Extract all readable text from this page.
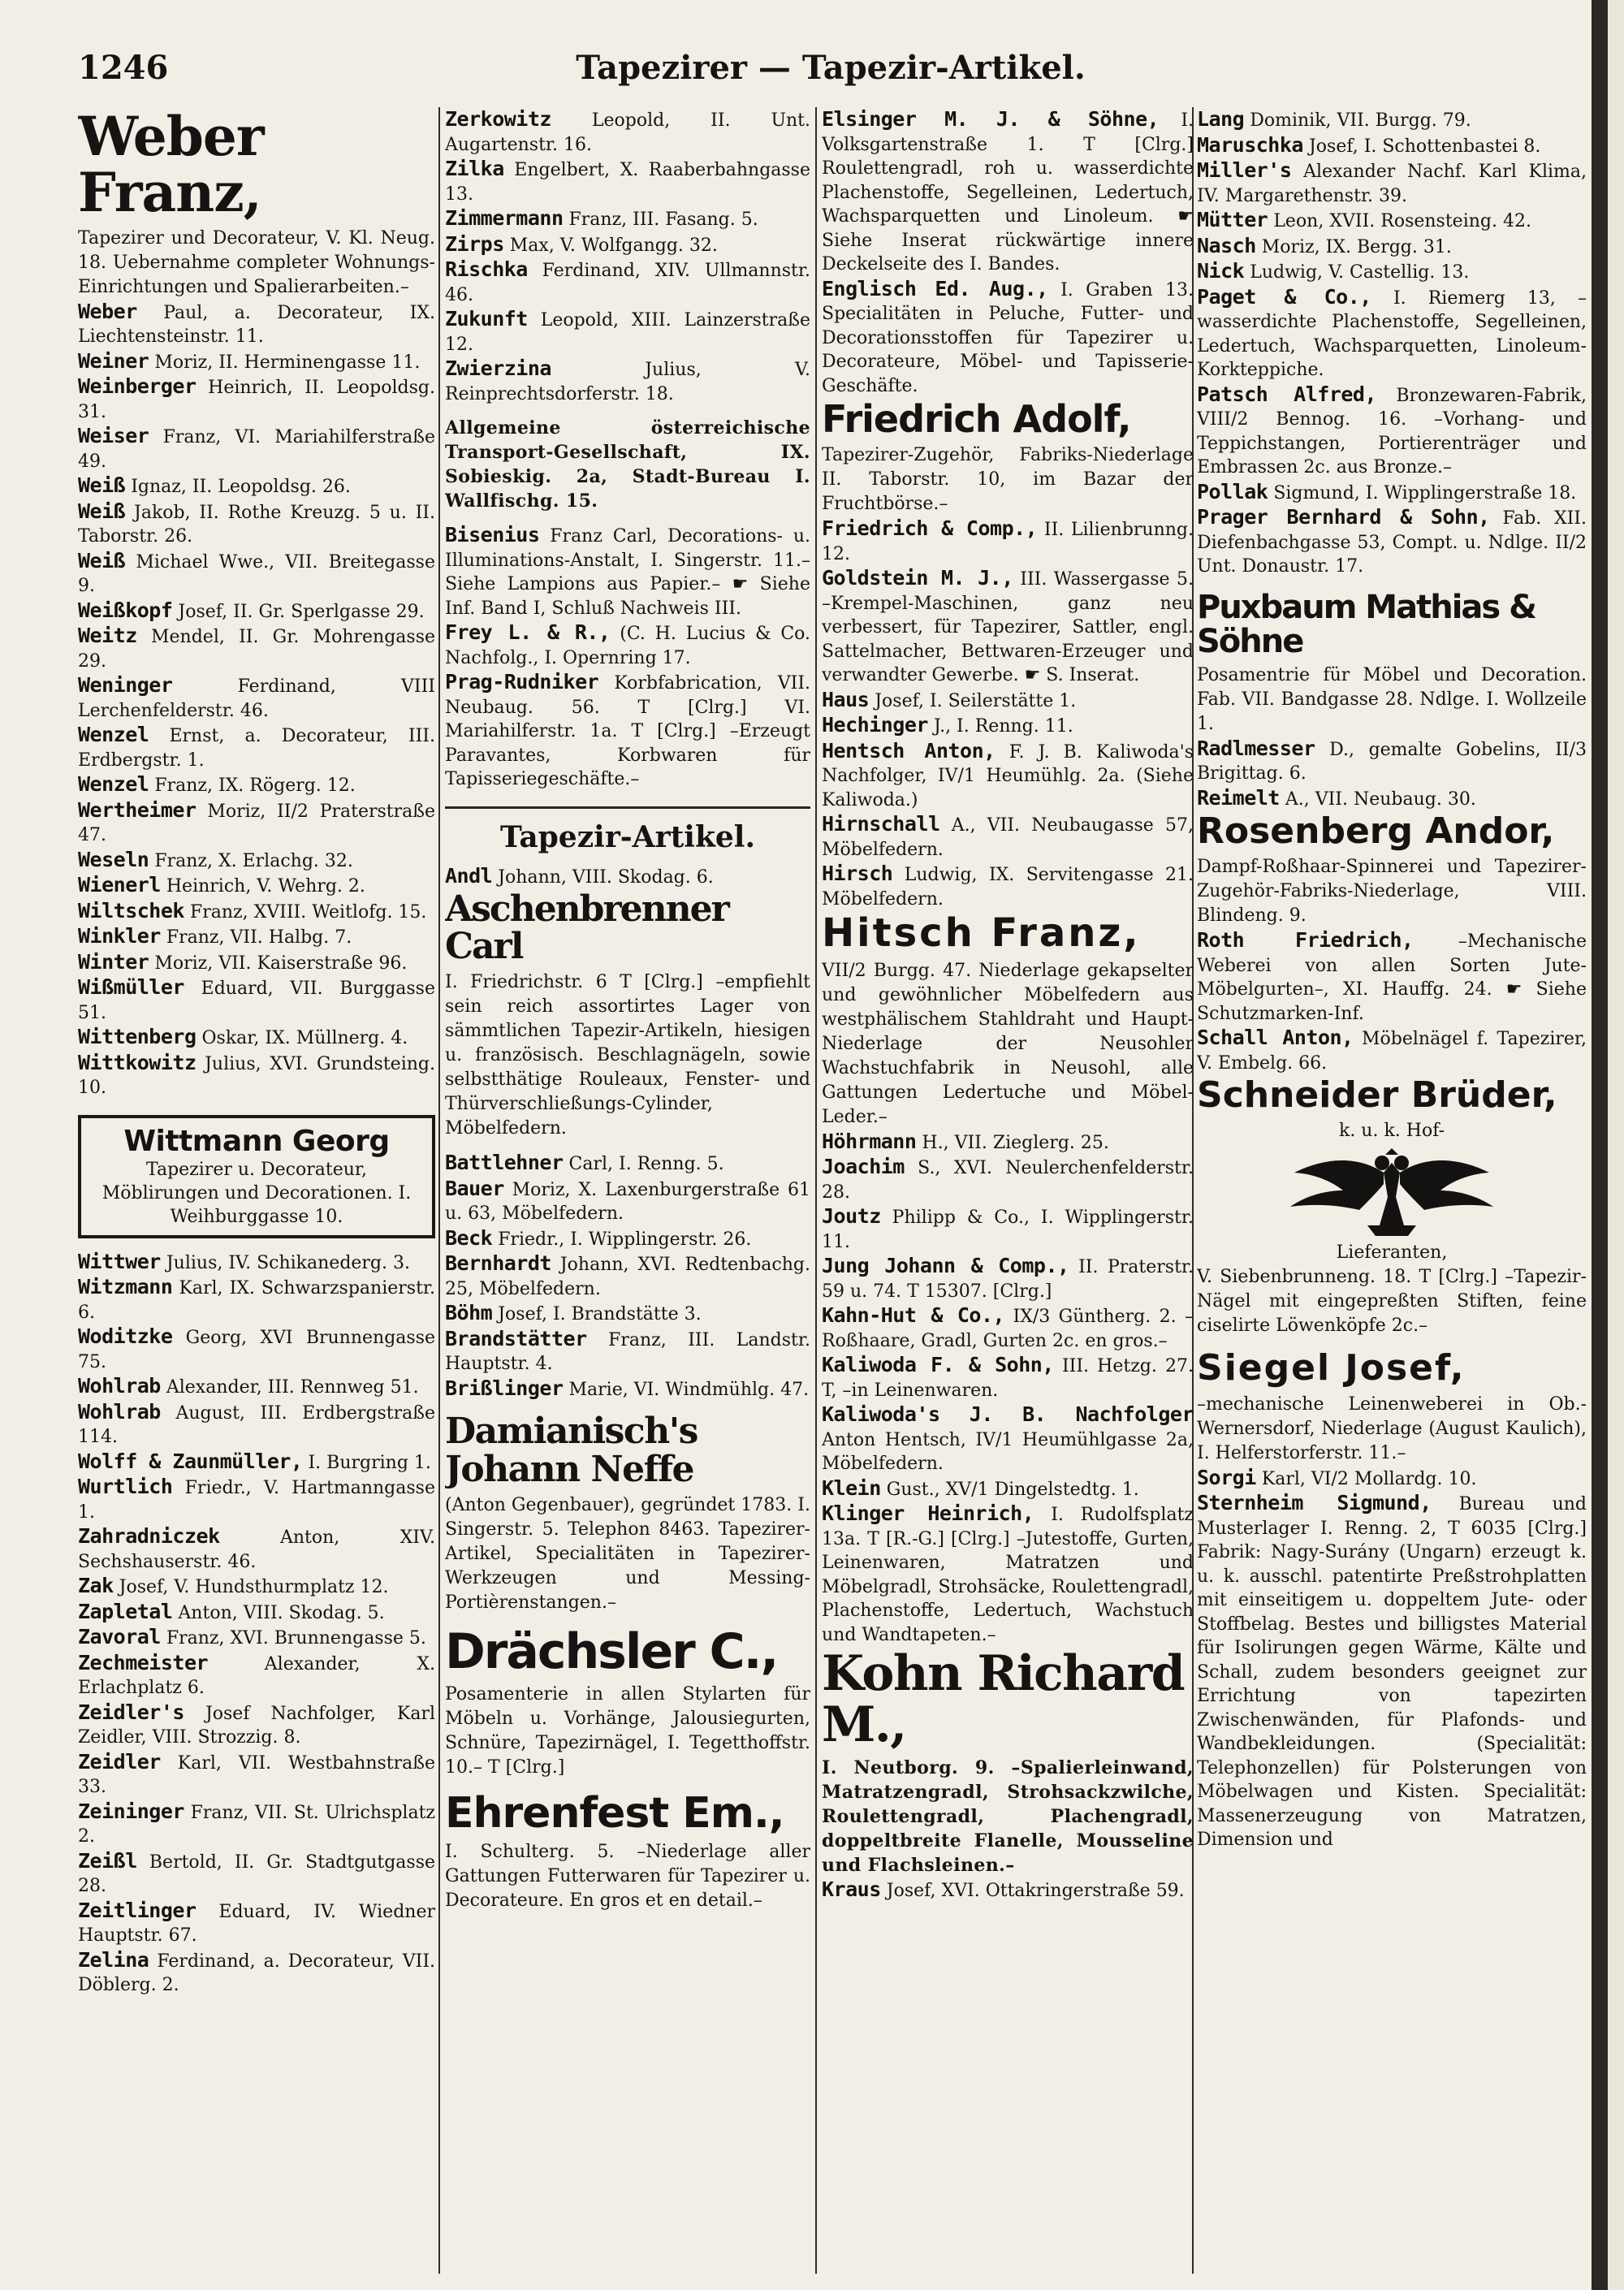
1246	Tapezirer — Tapezir-Artikel.
Weber Franz,

Tapezirer und Decorateur, V. Kl. Neug. 18. Uebernahme completer Wohnungs-Einrichtungen und Spalierarbeiten.–

Weber Paul, a. Decorateur, IX. Liechtensteinstr. 11.

Weiner Moriz, II. Herminengasse 11.

Weinberger Heinrich, II. Leopoldsg. 31.

Weiser Franz, VI. Mariahilferstraße 49.

Weiß Ignaz, II. Leopoldsg. 26.

Weiß Jakob, II. Rothe Kreuzg. 5 u. II. Taborstr. 26.

Weiß Michael Wwe., VII. Breitegasse 9.

Weißkopf Josef, II. Gr. Sperlgasse 29.

Weitz Mendel, II. Gr. Mohrengasse 29.

Weninger	Ferdinand, VIII Lerchenfelderstr. 46.

Wenzel Ernst, a. Decorateur, III. Erdbergstr. 1.

Wenzel Franz, IX. Rögerg. 12.

Wertheimer Moriz, II/2 Praterstraße 47.

Weseln Franz, X. Erlachg. 32.

Wienerl Heinrich, V. Wehrg. 2.

Wiltschek Franz, XVIII. Weitlofg. 15.

Winkler Franz, VII. Halbg. 7.

Winter Moriz, VII. Kaiserstraße 96.

Wißmüller Eduard, VII. Burggasse 51.

Wittenberg Oskar, IX. Müllnerg. 4.

Wittkowitz Julius, XVI. Grundsteing. 10.

Wittmann Georg

Tapezirer u. Decorateur, Möblirungen und Decorationen. I. Weihburggasse 10.

Wittwer Julius, IV. Schikanederg. 3.

Witzmann Karl, IX. Schwarzspanierstr. 6.

Woditzke Georg, XVI Brunnengasse 75.

Wohlrab Alexander, III. Rennweg 51.

Wohlrab August, III. Erdbergstraße 114.

Wolff & Zaunmüller, I. Burgring 1.

Wurtlich Friedr., V. Hartmanngasse 1.

Zahradniczek	Anton, XIV. Sechshauserstr. 46.

Zak Josef, V. Hundsthurmplatz 12.

Zapletal Anton, VIII. Skodag. 5.

Zavoral Franz, XVI. Brunnengasse 5.

Zechmeister	Alexander, X. Erlachplatz 6.

Zeidler's Josef Nachfolger, Karl Zeidler, VIII. Strozzig. 8.

Zeidler Karl, VII. Westbahnstraße 33.

Zeininger Franz, VII. St. Ulrichsplatz 2.

Zeißl Bertold, II. Gr. Stadtgutgasse 28.

Zeitlinger Eduard, IV. Wiedner Hauptstr. 67.

Zelina Ferdinand, a. Decorateur, VII. Döblerg. 2.

Zerkowitz Leopold, II. Unt. Augartenstr. 16.

Zilka Engelbert, X. Raaberbahngasse 13.

Zimmermann Franz, III. Fasang. 5.

Zirps Max, V. Wolfgangg. 32.

Rischka Ferdinand, XIV. Ullmannstr. 46.

Zukunft Leopold, XIII. Lainzerstraße 12.

Zwierzina	Julius, V. Reinprechtsdorferstr. 18.

Allgemeine österreichische Transport-Gesellschaft, IX. Sobieskig. 2a, Stadt-Bureau I. Wallfischg. 15.

Bisenius Franz Carl, Decorations- u. Illuminations-Anstalt, I. Singerstr. 11.– Siehe Lampions aus Papier.– ☛ Siehe Inf. Band I, Schluß Nachweis III.

Frey L. & R., (C. H. Lucius & Co. Nachfolg., I. Opernring 17.

Prag-Rudniker Korbfabrication, VII. Neubaug. 56. T [Clrg.] VI. Mariahilferstr. 1a. T [Clrg.] –Erzeugt Paravantes, Korbwaren für Tapisseriegeschäfte.–

Tapezir-Artikel.

Andl Johann, VIII. Skodag. 6.

Aschenbrenner Carl

I. Friedrichstr. 6 T [Clrg.] –empfiehlt sein reich assortirtes Lager von sämmtlichen Tapezir-Artikeln, hiesigen u. französisch. Beschlagnägeln, sowie selbstthätige Rouleaux, Fenster- und Thürverschließungs-Cylinder, Möbelfedern.

Battlehner Carl, I. Renng. 5.

Bauer Moriz, X. Laxenburgerstraße 61 u. 63, Möbelfedern.

Beck Friedr., I. Wipplingerstr. 26.

Bernhardt Johann, XVI. Redtenbachg. 25, Möbelfedern.

Böhm Josef, I. Brandstätte 3.

Brandstätter Franz, III. Landstr. Hauptstr. 4.

Brißlinger Marie, VI. Windmühlg. 47.

Damianisch's Johann Neffe

(Anton Gegenbauer), gegründet 1783. I. Singerstr. 5. Telephon 8463. Tapezirer-Artikel, Specialitäten in Tapezirer-Werkzeugen und Messing-Portièrenstangen.–

Drächsler C.,

Posamenterie in allen Stylarten für Möbeln u. Vorhänge, Jalousiegurten, Schnüre, Tapezirnägel, I. Tegetthoffstr. 10.– T [Clrg.]

Ehrenfest Em.,

I. Schulterg. 5. –Niederlage aller Gattungen Futterwaren für Tapezirer u. Decorateure. En gros et en detail.–

Elsinger M. J. & Söhne, I. Volksgartenstraße 1. T [Clrg.] Roulettengradl, roh u. wasserdichte Plachenstoffe, Segelleinen, Ledertuch, Wachsparquetten und Linoleum. ☛ Siehe Inserat rückwärtige innere Deckelseite des I. Bandes.

Englisch Ed. Aug., I. Graben 13. Specialitäten in Peluche, Futter- und Decorationsstoffen für Tapezirer u. Decorateure, Möbel- und Tapisserie-Geschäfte.

Friedrich Adolf,

Tapezirer-Zugehör, Fabriks-Niederlage II. Taborstr. 10, im Bazar der Fruchtbörse.–

Friedrich & Comp., II. Lilienbrunng. 12.

Goldstein M. J., III. Wassergasse 5. –Krempel-Maschinen, ganz neu verbessert, für Tapezirer, Sattler, engl. Sattelmacher, Bettwaren-Erzeuger und verwandter Gewerbe. ☛ S. Inserat.

Haus Josef, I. Seilerstätte 1.

Hechinger J., I. Renng. 11.

Hentsch Anton, F. J. B. Kaliwoda's Nachfolger, IV/1 Heumühlg. 2a. (Siehe Kaliwoda.)

Hirnschall A., VII. Neubaugasse 57, Möbelfedern.

Hirsch Ludwig, IX. Servitengasse 21. Möbelfedern.

Hitsch Franz,

VII/2 Burgg. 47. Niederlage gekapselter und gewöhnlicher Möbelfedern aus westphälischem Stahldraht und Haupt-Niederlage der Neusohler Wachstuchfabrik in Neusohl, alle Gattungen Ledertuche und Möbel-Leder.–

Höhrmann H., VII. Zieglerg. 25.

Joachim S., XVI. Neulerchenfelderstr. 28.

Joutz Philipp & Co., I. Wipplingerstr. 11.

Jung Johann & Comp., II. Praterstr. 59 u. 74. T 15307. [Clrg.]

Kahn-Hut & Co., IX/3 Güntherg. 2. –Roßhaare, Gradl, Gurten 2c. en gros.–

Kaliwoda F. & Sohn, III. Hetzg. 27. T, –in Leinenwaren.

Kaliwoda's J. B. Nachfolger Anton Hentsch, IV/1 Heumühlgasse 2a, Möbelfedern.

Klein Gust., XV/1 Dingelstedtg. 1.

Klinger Heinrich, I. Rudolfsplatz 13a. T [R.-G.] [Clrg.] –Jutestoffe, Gurten, Leinenwaren, Matratzen und Möbelgradl, Strohsäcke, Roulettengradl, Plachenstoffe, Ledertuch, Wachstuch und Wandtapeten.–

Kohn Richard M.,

I. Neutborg. 9. –Spalierleinwand, Matratzengradl, Strohsackzwilche, Roulettengradl, Plachengradl, doppeltbreite Flanelle, Mousseline und Flachsleinen.–

Kraus Josef, XVI. Ottakringerstraße 59.

Lang Dominik, VII. Burgg. 79.

Maruschka Josef, I. Schottenbastei 8.

Miller's Alexander Nachf. Karl Klima, IV. Margarethenstr. 39.

Mütter Leon, XVII. Rosensteing. 42.

Nasch Moriz, IX. Bergg. 31.

Nick Ludwig, V. Castellig. 13.

Paget & Co., I. Riemerg 13, –wasserdichte Plachenstoffe, Segelleinen, Ledertuch, Wachsparquetten, Linoleum-Korkteppiche.

Patsch Alfred, Bronzewaren-Fabrik, VIII/2 Bennog. 16. –Vorhang- und Teppichstangen, Portierenträger und Embrassen 2c. aus Bronze.–

Pollak Sigmund, I. Wipplingerstraße 18.

Prager Bernhard & Sohn, Fab. XII. Diefenbachgasse 53, Compt. u. Ndlge. II/2 Unt. Donaustr. 17.

Puxbaum Mathias & Söhne

Posamentrie für Möbel und Decoration. Fab. VII. Bandgasse 28. Ndlge. I. Wollzeile 1.

Radlmesser D., gemalte Gobelins, II/3 Brigittag. 6.

Reimelt A., VII. Neubaug. 30.

Rosenberg Andor,

Dampf-Roßhaar-Spinnerei und Tapezirer-Zugehör-Fabriks-Niederlage, VIII. Blindeng. 9.

Roth Friedrich,	–Mechanische Weberei von allen Sorten Jute-Möbelgurten–, XI. Hauffg. 24. ☛ Siehe Schutzmarken-Inf.

Schall Anton, Möbelnägel f. Tapezirer, V. Embelg. 66.

Schneider Brüder,

k. u. k. Hof-

Lieferanten,

V. Siebenbrunneng. 18. T [Clrg.] –Tapezir-Nägel mit eingepreßten Stiften, feine ciselirte Löwenköpfe 2c.–

Siegel Josef,

–mechanische Leinenweberei in Ob.-Wernersdorf, Niederlage (August Kaulich), I. Helferstorferstr. 11.–

Sorgi Karl, VI/2 Mollardg. 10.

Sternheim Sigmund, Bureau und Musterlager I. Renng. 2, T 6035 [Clrg.] Fabrik: Nagy-Surány (Ungarn) erzeugt k. u. k. ausschl. patentirte Preßstrohplatten mit einseitigem u. doppeltem Jute- oder Stoffbelag. Bestes und billigstes Material für Isolirungen gegen Wärme, Kälte und Schall, zudem besonders geeignet zur Errichtung von tapezirten Zwischenwänden, für Plafonds- und Wandbekleidungen. (Specialität: Telephonzellen) für Polsterungen von Möbelwagen und Kisten. Specialität: Massenerzeugung von Matratzen, Dimension und
